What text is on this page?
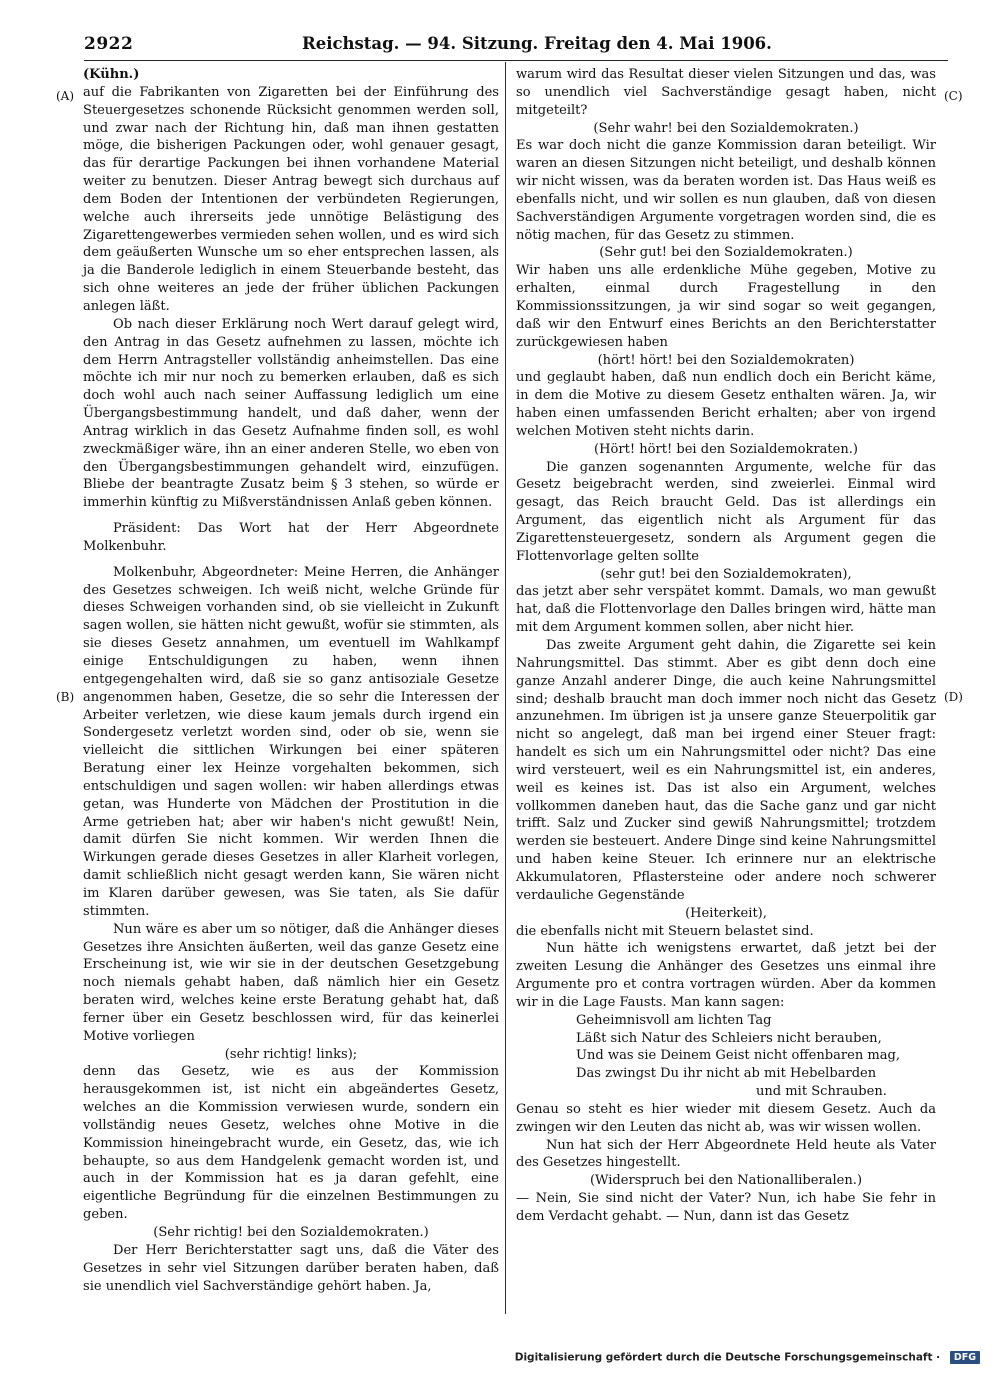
2922	Reichstag. — 94. Sitzung. Freitag den 4. Mai 1906.
(A)
(B)
(C)
(D)

(Kühn.)

auf die Fabrikanten von Zigaretten bei der Einführung des Steuergesetzes schonende Rücksicht genommen werden soll, und zwar nach der Richtung hin, daß man ihnen gestatten möge, die bisherigen Packungen oder, wohl genauer gesagt, das für derartige Packungen bei ihnen vorhandene Material weiter zu benutzen. Dieser Antrag bewegt sich durchaus auf dem Boden der Intentionen der verbündeten Regierungen, welche auch ihrerseits jede unnötige Belästigung des Zigarettengewerbes vermieden sehen wollen, und es wird sich dem geäußerten Wunsche um so eher entsprechen lassen, als ja die Banderole lediglich in einem Steuerbande besteht, das sich ohne weiteres an jede der früher üblichen Packungen anlegen läßt.

Ob nach dieser Erklärung noch Wert darauf gelegt wird, den Antrag in das Gesetz aufnehmen zu lassen, möchte ich dem Herrn Antragsteller vollständig anheimstellen. Das eine möchte ich mir nur noch zu bemerken erlauben, daß es sich doch wohl auch nach seiner Auffassung lediglich um eine Übergangsbestimmung handelt, und daß daher, wenn der Antrag wirklich in das Gesetz Aufnahme finden soll, es wohl zweckmäßiger wäre, ihn an einer anderen Stelle, wo eben von den Übergangsbestimmungen gehandelt wird, einzufügen. Bliebe der beantragte Zusatz beim § 3 stehen, so würde er immerhin künftig zu Mißverständnissen Anlaß geben können.

Präsident: Das Wort hat der Herr Abgeordnete Molkenbuhr.

Molkenbuhr, Abgeordneter: Meine Herren, die Anhänger des Gesetzes schweigen. Ich weiß nicht, welche Gründe für dieses Schweigen vorhanden sind, ob sie vielleicht in Zukunft sagen wollen, sie hätten nicht gewußt, wofür sie stimmten, als sie dieses Gesetz annahmen, um eventuell im Wahlkampf einige Entschuldigungen zu haben, wenn ihnen entgegengehalten wird, daß sie so ganz antisoziale Gesetze angenommen haben, Gesetze, die so sehr die Interessen der Arbeiter verletzen, wie diese kaum jemals durch irgend ein Sondergesetz verletzt worden sind, oder ob sie, wenn sie vielleicht die sittlichen Wirkungen bei einer späteren Beratung einer lex Heinze vorgehalten bekommen, sich entschuldigen und sagen wollen: wir haben allerdings etwas getan, was Hunderte von Mädchen der Prostitution in die Arme getrieben hat; aber wir haben's nicht gewußt! Nein, damit dürfen Sie nicht kommen. Wir werden Ihnen die Wirkungen gerade dieses Gesetzes in aller Klarheit vorlegen, damit schließlich nicht gesagt werden kann, Sie wären nicht im Klaren darüber gewesen, was Sie taten, als Sie dafür stimmten.

Nun wäre es aber um so nötiger, daß die Anhänger dieses Gesetzes ihre Ansichten äußerten, weil das ganze Gesetz eine Erscheinung ist, wie wir sie in der deutschen Gesetzgebung noch niemals gehabt haben, daß nämlich hier ein Gesetz beraten wird, welches keine erste Beratung gehabt hat, daß ferner über ein Gesetz beschlossen wird, für das keinerlei Motive vorliegen

(sehr richtig! links);

denn das Gesetz, wie es aus der Kommission herausgekommen ist, ist nicht ein abgeändertes Gesetz, welches an die Kommission verwiesen wurde, sondern ein vollständig neues Gesetz, welches ohne Motive in die Kommission hineingebracht wurde, ein Gesetz, das, wie ich behaupte, so aus dem Handgelenk gemacht worden ist, und auch in der Kommission hat es ja daran gefehlt, eine eigentliche Begründung für die einzelnen Bestimmungen zu geben.

(Sehr richtig! bei den Sozialdemokraten.)

Der Herr Berichterstatter sagt uns, daß die Väter des Gesetzes in sehr viel Sitzungen darüber beraten haben, daß sie unendlich viel Sachverständige gehört haben. Ja,

warum wird das Resultat dieser vielen Sitzungen und das, was so unendlich viel Sachverständige gesagt haben, nicht mitgeteilt?

(Sehr wahr! bei den Sozialdemokraten.)

Es war doch nicht die ganze Kommission daran beteiligt. Wir waren an diesen Sitzungen nicht beteiligt, und deshalb können wir nicht wissen, was da beraten worden ist. Das Haus weiß es ebenfalls nicht, und wir sollen es nun glauben, daß von diesen Sachverständigen Argumente vorgetragen worden sind, die es nötig machen, für das Gesetz zu stimmen.

(Sehr gut! bei den Sozialdemokraten.)

Wir haben uns alle erdenkliche Mühe gegeben, Motive zu erhalten, einmal durch Fragestellung in den Kommissionssitzungen, ja wir sind sogar so weit gegangen, daß wir den Entwurf eines Berichts an den Berichterstatter zurückgewiesen haben

(hört! hört! bei den Sozialdemokraten)

und geglaubt haben, daß nun endlich doch ein Bericht käme, in dem die Motive zu diesem Gesetz enthalten wären. Ja, wir haben einen umfassenden Bericht erhalten; aber von irgend welchen Motiven steht nichts darin.

(Hört! hört! bei den Sozialdemokraten.)

Die ganzen sogenannten Argumente, welche für das Gesetz beigebracht werden, sind zweierlei. Einmal wird gesagt, das Reich braucht Geld. Das ist allerdings ein Argument, das eigentlich nicht als Argument für das Zigarettensteuergesetz, sondern als Argument gegen die Flottenvorlage gelten sollte

(sehr gut! bei den Sozialdemokraten),

das jetzt aber sehr verspätet kommt. Damals, wo man gewußt hat, daß die Flottenvorlage den Dalles bringen wird, hätte man mit dem Argument kommen sollen, aber nicht hier.

Das zweite Argument geht dahin, die Zigarette sei kein Nahrungsmittel. Das stimmt. Aber es gibt denn doch eine ganze Anzahl anderer Dinge, die auch keine Nahrungsmittel sind; deshalb braucht man doch immer noch nicht das Gesetz anzunehmen. Im übrigen ist ja unsere ganze Steuerpolitik gar nicht so angelegt, daß man bei irgend einer Steuer fragt: handelt es sich um ein Nahrungsmittel oder nicht? Das eine wird versteuert, weil es ein Nahrungsmittel ist, ein anderes, weil es keines ist. Das ist also ein Argument, welches vollkommen daneben haut, das die Sache ganz und gar nicht trifft. Salz und Zucker sind gewiß Nahrungsmittel; trotzdem werden sie besteuert. Andere Dinge sind keine Nahrungsmittel und haben keine Steuer. Ich erinnere nur an elektrische Akkumulatoren, Pflastersteine oder andere noch schwerer verdauliche Gegenstände

(Heiterkeit),

die ebenfalls nicht mit Steuern belastet sind.

Nun hätte ich wenigstens erwartet, daß jetzt bei der zweiten Lesung die Anhänger des Gesetzes uns einmal ihre Argumente pro et contra vortragen würden. Aber da kommen wir in die Lage Fausts. Man kann sagen:

Geheimnisvoll am lichten Tag

Läßt sich Natur des Schleiers nicht berauben,

Und was sie Deinem Geist nicht offenbaren mag,

Das zwingst Du ihr nicht ab mit Hebelbarden

und mit Schrauben.

Genau so steht es hier wieder mit diesem Gesetz. Auch da zwingen wir den Leuten das nicht ab, was wir wissen wollen.

Nun hat sich der Herr Abgeordnete Held heute als Vater des Gesetzes hingestellt.

(Widerspruch bei den Nationalliberalen.)

— Nein, Sie sind nicht der Vater? Nun, ich habe Sie fehr in dem Verdacht gehabt. — Nun, dann ist das Gesetz

Digitalisierung gefördert durch die Deutsche Forschungsgemeinschaft · DFG
